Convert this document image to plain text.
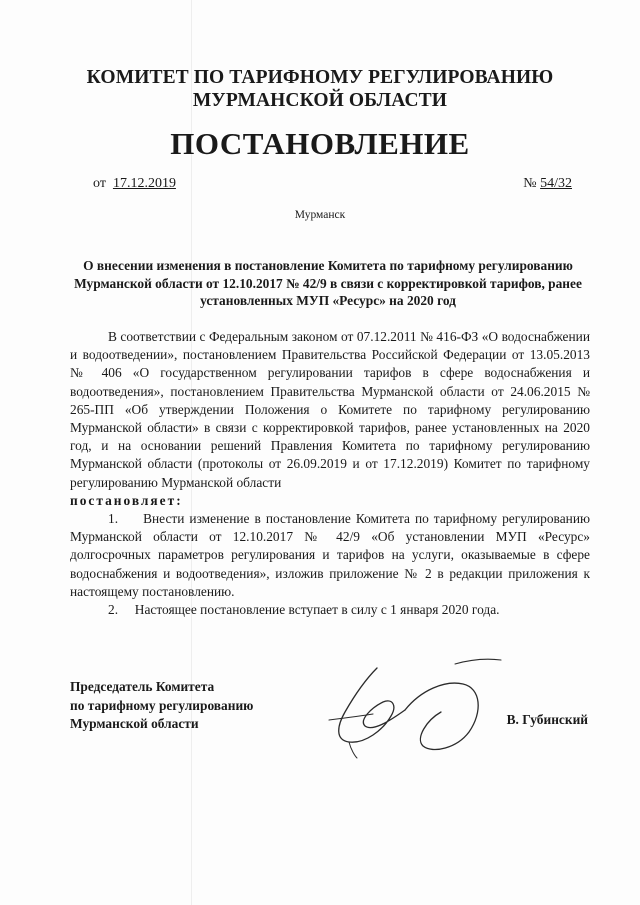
КОМИТЕТ ПО ТАРИФНОМУ РЕГУЛИРОВАНИЮ
МУРМАНСКОЙ ОБЛАСТИ
ПОСТАНОВЛЕНИЕ
от 17.12.2019	№ 54/32
Мурманск
О внесении изменения в постановление Комитета по тарифному регулированию Мурманской области от 12.10.2017 № 42/9 в связи с корректировкой тарифов, ранее установленных МУП «Ресурс» на 2020 год

В соответствии с Федеральным законом от 07.12.2011 № 416-ФЗ «О водоснабжении и водоотведении», постановлением Правительства Российской Федерации от 13.05.2013 № 406 «О государственном регулировании тарифов в сфере водоснабжения и водоотведения», постановлением Правительства Мурманской области от 24.06.2015 № 265-ПП «Об утверждении Положения о Комитете по тарифному регулированию Мурманской области» в связи с корректировкой тарифов, ранее установленных на 2020 год, и на основании решений Правления Комитета по тарифному регулированию Мурманской области (протоколы от 26.09.2019 и от 17.12.2019) Комитет по тарифному регулированию Мурманской области

постановляет:

1.     Внести изменение в постановление Комитета по тарифному регулированию Мурманской области от 12.10.2017 № 42/9 «Об установлении МУП «Ресурс» долгосрочных параметров регулирования и тарифов на услуги, оказываемые в сфере водоснабжения и водоотведения», изложив приложение № 2 в редакции приложения к настоящему постановлению.

2.     Настоящее постановление вступает в силу с 1 января 2020 года.

Председатель Комитета
по тарифному регулированию
Мурманской области	В. Губинский
